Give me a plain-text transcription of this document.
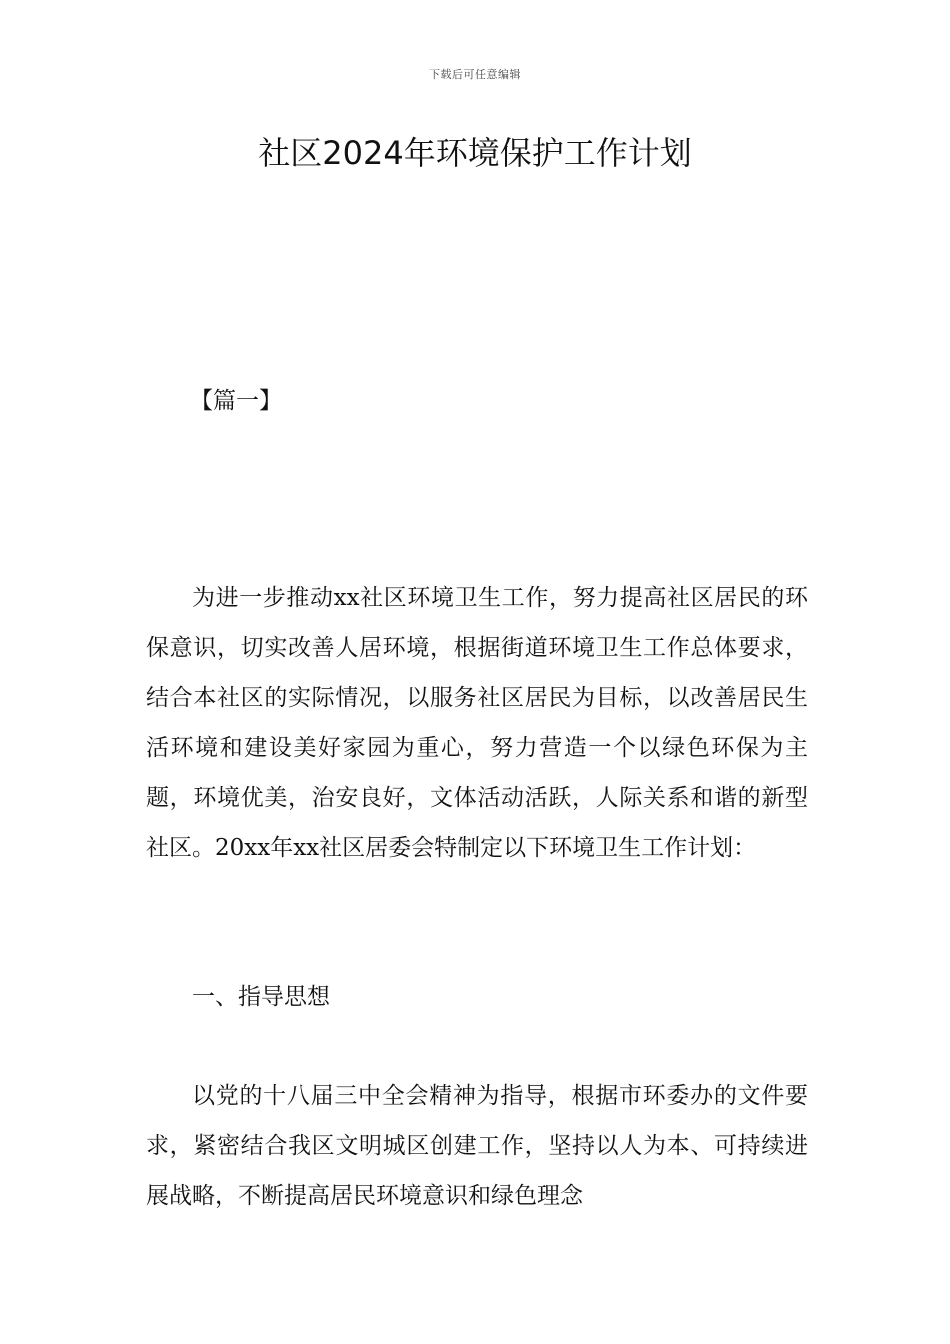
下载后可任意编辑
社区2024年环境保护工作计划
【篇一】

为进一步推动xx社区环境卫生工作，努力提高社区居民的环保意识，切实改善人居环境，根据街道环境卫生工作总体要求，结合本社区的实际情况，以服务社区居民为目标，以改善居民生活环境和建设美好家园为重心，努力营造一个以绿色环保为主题，环境优美，治安良好，文体活动活跃，人际关系和谐的新型社区。20xx年xx社区居委会特制定以下环境卫生工作计划：

一、指导思想

以党的十八届三中全会精神为指导，根据市环委办的文件要求，紧密结合我区文明城区创建工作，坚持以人为本、可持续进展战略，不断提高居民环境意识和绿色理念
